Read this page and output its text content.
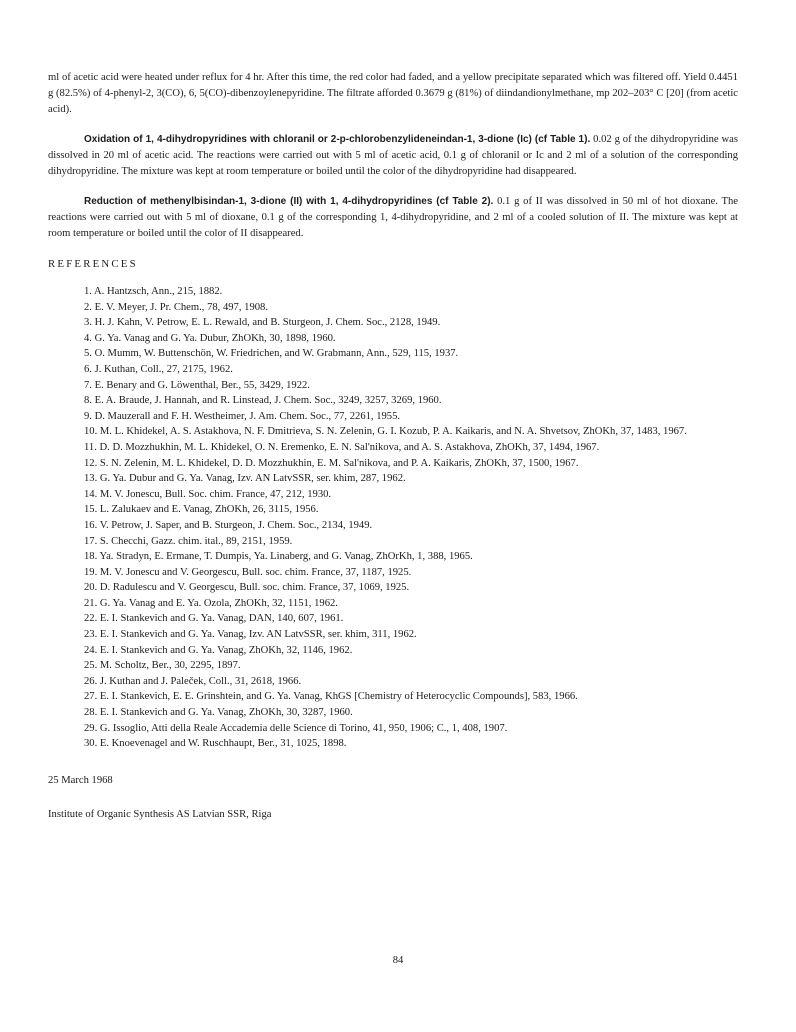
ml of acetic acid were heated under reflux for 4 hr. After this time, the red color had faded, and a yellow precipitate separated which was filtered off. Yield 0.4451 g (82.5%) of 4-phenyl-2, 3(CO), 6, 5(CO)-dibenzoylenepyridine. The filtrate afforded 0.3679 g (81%) of diindandionylmethane, mp 202–203° C [20] (from acetic acid).

Oxidation of 1, 4-dihydropyridines with chloranil or 2-p-chlorobenzylideneindan-1, 3-dione (Ic) (cf Table 1). 0.02 g of the dihydropyridine was dissolved in 20 ml of acetic acid. The reactions were carried out with 5 ml of acetic acid, 0.1 g of chloranil or Ic and 2 ml of a solution of the corresponding dihydropyridine. The mixture was kept at room temperature or boiled until the color of the dihydropyridine had disappeared.

Reduction of methenylbisindan-1, 3-dione (II) with 1, 4-dihydropyridines (cf Table 2). 0.1 g of II was dissolved in 50 ml of hot dioxane. The reactions were carried out with 5 ml of dioxane, 0.1 g of the corresponding 1, 4-dihydropyridine, and 2 ml of a cooled solution of II. The mixture was kept at room temperature or boiled until the color of II disappeared.

REFERENCES

1. A. Hantzsch, Ann., 215, 1882.

2. E. V. Meyer, J. Pr. Chem., 78, 497, 1908.

3. H. J. Kahn, V. Petrow, E. L. Rewald, and B. Sturgeon, J. Chem. Soc., 2128, 1949.

4. G. Ya. Vanag and G. Ya. Dubur, ZhOKh, 30, 1898, 1960.

5. O. Mumm, W. Buttenschön, W. Friedrichen, and W. Grabmann, Ann., 529, 115, 1937.

6. J. Kuthan, Coll., 27, 2175, 1962.

7. E. Benary and G. Löwenthal, Ber., 55, 3429, 1922.

8. E. A. Braude, J. Hannah, and R. Linstead, J. Chem. Soc., 3249, 3257, 3269, 1960.

9. D. Mauzerall and F. H. Westheimer, J. Am. Chem. Soc., 77, 2261, 1955.

10. M. L. Khidekel, A. S. Astakhova, N. F. Dmitrieva, S. N. Zelenin, G. I. Kozub, P. A. Kaikaris, and N. A. Shvetsov, ZhOKh, 37, 1483, 1967.

11. D. D. Mozzhukhin, M. L. Khidekel, O. N. Eremenko, E. N. Sal'nikova, and A. S. Astakhova, ZhOKh, 37, 1494, 1967.

12. S. N. Zelenin, M. L. Khidekel, D. D. Mozzhukhin, E. M. Sal'nikova, and P. A. Kaikaris, ZhOKh, 37, 1500, 1967.

13. G. Ya. Dubur and G. Ya. Vanag, Izv. AN LatvSSR, ser. khim, 287, 1962.

14. M. V. Jonescu, Bull. Soc. chim. France, 47, 212, 1930.

15. L. Zalukaev and E. Vanag, ZhOKh, 26, 3115, 1956.

16. V. Petrow, J. Saper, and B. Sturgeon, J. Chem. Soc., 2134, 1949.

17. S. Checchi, Gazz. chim. ital., 89, 2151, 1959.

18. Ya. Stradyn, E. Ermane, T. Dumpis, Ya. Linaberg, and G. Vanag, ZhOrKh, 1, 388, 1965.

19. M. V. Jonescu and V. Georgescu, Bull. soc. chim. France, 37, 1187, 1925.

20. D. Radulescu and V. Georgescu, Bull. soc. chim. France, 37, 1069, 1925.

21. G. Ya. Vanag and E. Ya. Ozola, ZhOKh, 32, 1151, 1962.

22. E. I. Stankevich and G. Ya. Vanag, DAN, 140, 607, 1961.

23. E. I. Stankevich and G. Ya. Vanag, Izv. AN LatvSSR, ser. khim, 311, 1962.

24. E. I. Stankevich and G. Ya. Vanag, ZhOKh, 32, 1146, 1962.

25. M. Scholtz, Ber., 30, 2295, 1897.

26. J. Kuthan and J. Paleček, Coll., 31, 2618, 1966.

27. E. I. Stankevich, E. E. Grinshtein, and G. Ya. Vanag, KhGS [Chemistry of Heterocyclic Compounds], 583, 1966.

28. E. I. Stankevich and G. Ya. Vanag, ZhOKh, 30, 3287, 1960.

29. G. Issoglio, Atti della Reale Accademia delle Science di Torino, 41, 950, 1906; C., 1, 408, 1907.

30. E. Knoevenagel and W. Ruschhaupt, Ber., 31, 1025, 1898.

25 March 1968

Institute of Organic Synthesis AS Latvian SSR, Riga

84
